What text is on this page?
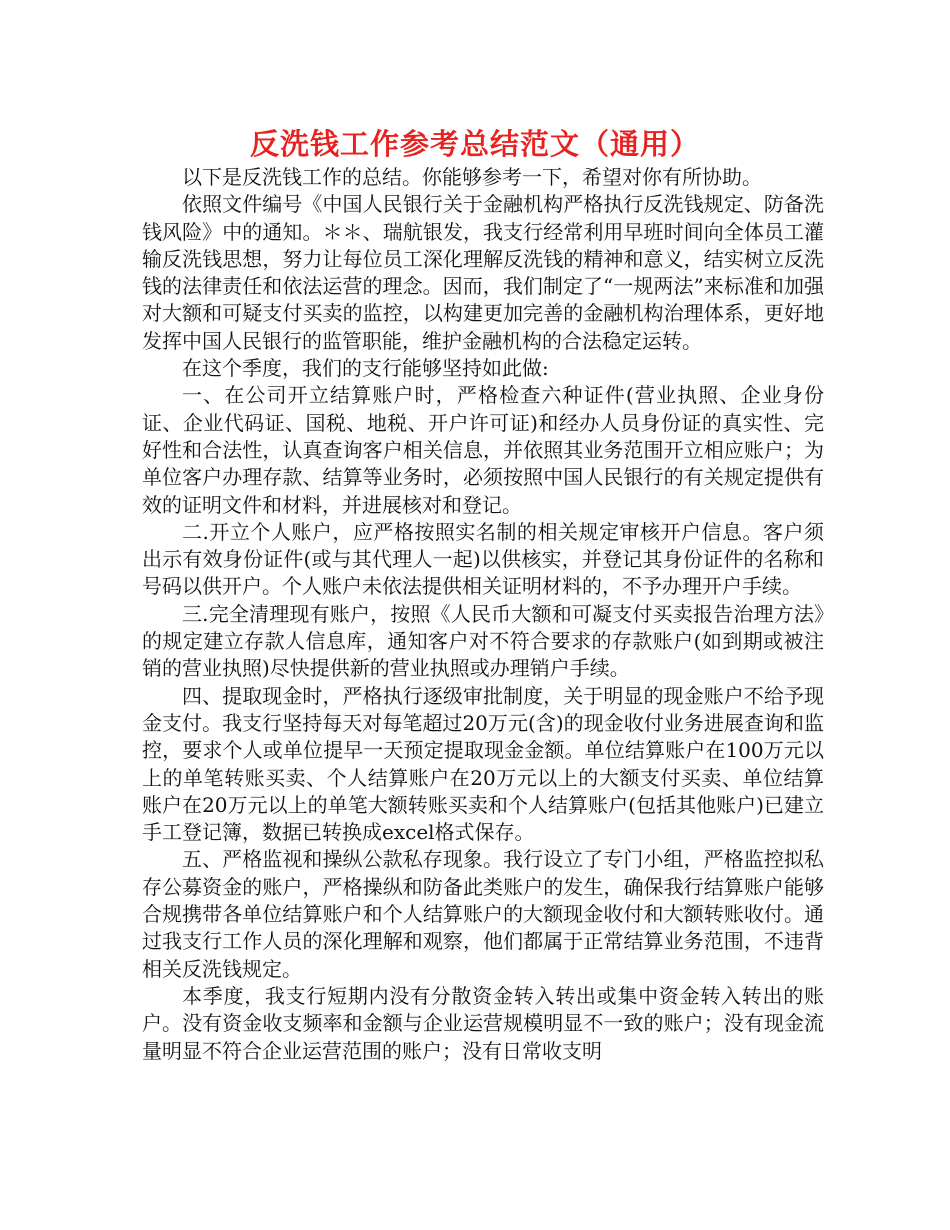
反洗钱工作参考总结范文（通用）

以下是反洗钱工作的总结。你能够参考一下，希望对你有所协助。

依照文件编号《中国人民银行关于金融机构严格执行反洗钱规定、防备洗钱风险》中的通知。＊＊、瑞航银发，我支行经常利用早班时间向全体员工灌输反洗钱思想，努力让每位员工深化理解反洗钱的精神和意义，结实树立反洗钱的法律责任和依法运营的理念。因而，我们制定了“一规两法”来标准和加强对大额和可疑支付买卖的监控，以构建更加完善的金融机构治理体系，更好地发挥中国人民银行的监管职能，维护金融机构的合法稳定运转。

在这个季度，我们的支行能够坚持如此做:

一、在公司开立结算账户时，严格检查六种证件(营业执照、企业身份证、企业代码证、国税、地税、开户许可证)和经办人员身份证的真实性、完好性和合法性，认真查询客户相关信息，并依照其业务范围开立相应账户；为单位客户办理存款、结算等业务时，必须按照中国人民银行的有关规定提供有效的证明文件和材料，并进展核对和登记。

二.开立个人账户，应严格按照实名制的相关规定审核开户信息。客户须出示有效身份证件(或与其代理人一起)以供核实，并登记其身份证件的名称和号码以供开户。个人账户未依法提供相关证明材料的，不予办理开户手续。

三.完全清理现有账户，按照《人民币大额和可凝支付买卖报告治理方法》的规定建立存款人信息库，通知客户对不符合要求的存款账户(如到期或被注销的营业执照)尽快提供新的营业执照或办理销户手续。

四、提取现金时，严格执行逐级审批制度，关于明显的现金账户不给予现金支付。我支行坚持每天对每笔超过20万元(含)的现金收付业务进展查询和监控，要求个人或单位提早一天预定提取现金金额。单位结算账户在100万元以上的单笔转账买卖、个人结算账户在20万元以上的大额支付买卖、单位结算账户在20万元以上的单笔大额转账买卖和个人结算账户(包括其他账户)已建立手工登记簿，数据已转换成excel格式保存。

五、严格监视和操纵公款私存现象。我行设立了专门小组，严格监控拟私存公募资金的账户，严格操纵和防备此类账户的发生，确保我行结算账户能够合规携带各单位结算账户和个人结算账户的大额现金收付和大额转账收付。通过我支行工作人员的深化理解和观察，他们都属于正常结算业务范围，不违背相关反洗钱规定。

本季度，我支行短期内没有分散资金转入转出或集中资金转入转出的账户。没有资金收支频率和金额与企业运营规模明显不一致的账户；没有现金流量明显不符合企业运营范围的账户；没有日常收支明
